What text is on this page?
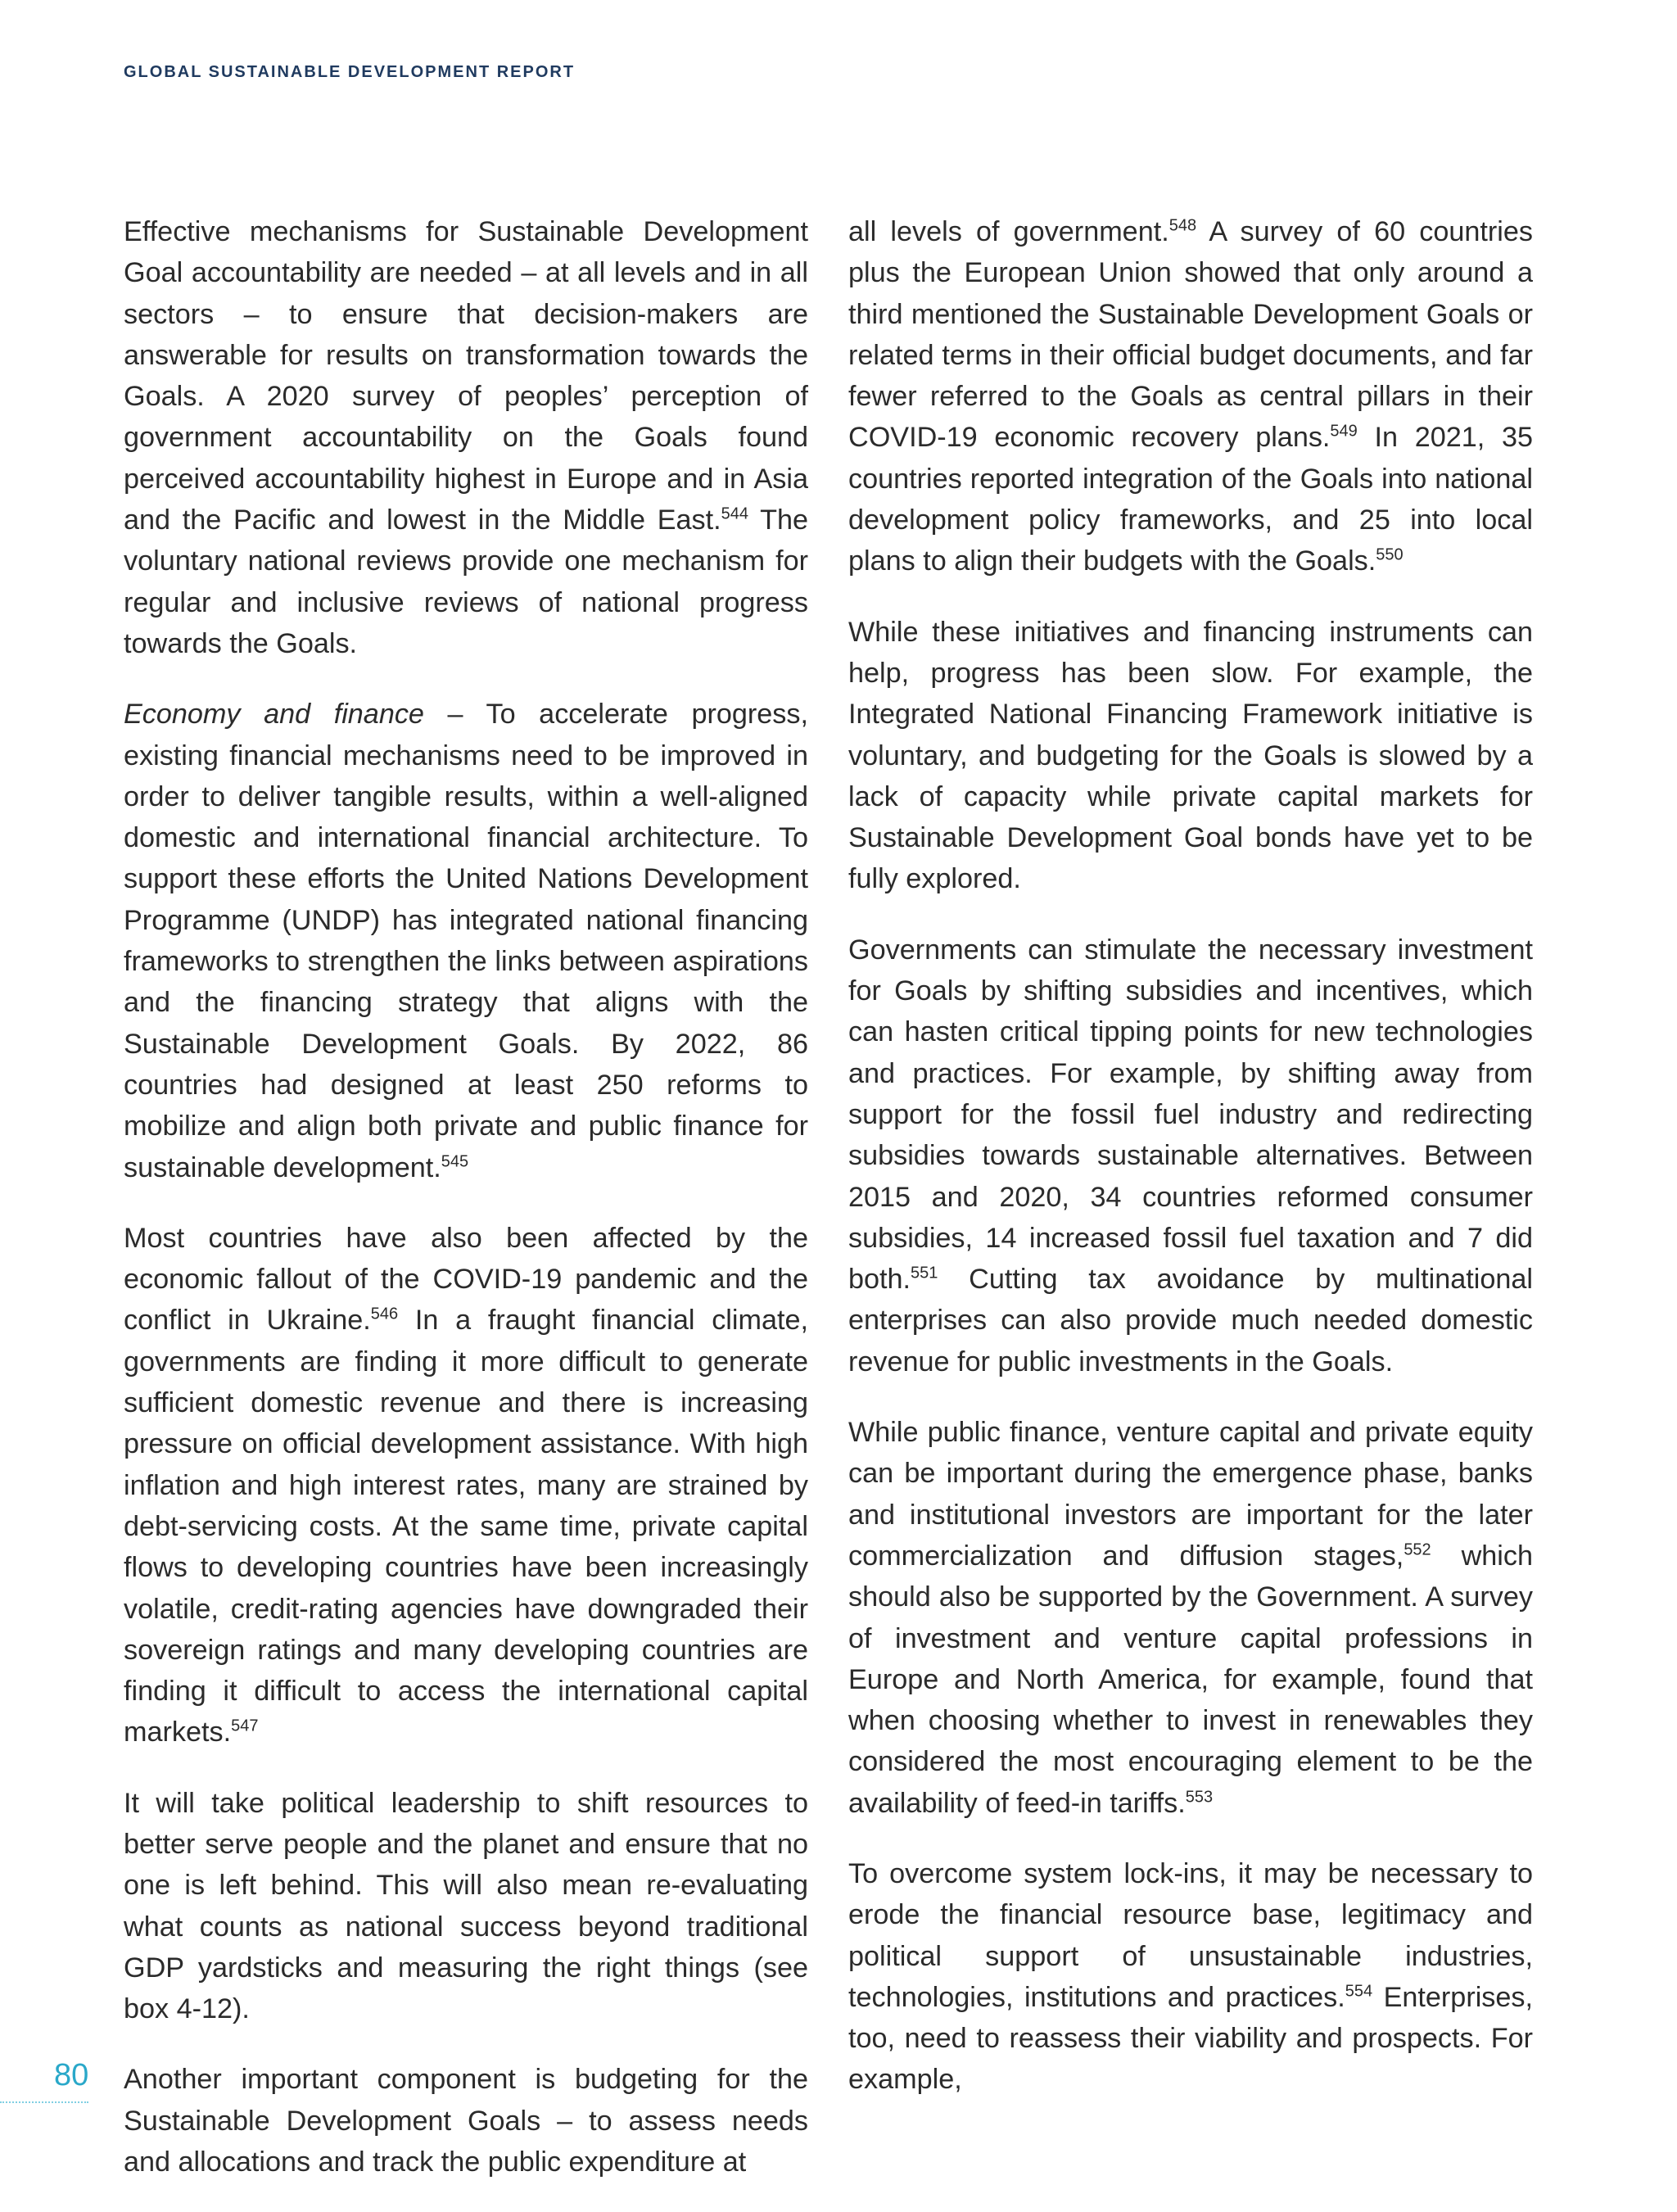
GLOBAL SUSTAINABLE DEVELOPMENT REPORT

Effective mechanisms for Sustainable Development Goal accountability are needed – at all levels and in all sectors – to ensure that decision-makers are answerable for results on transformation towards the Goals. A 2020 survey of peoples’ perception of government accountability on the Goals found perceived accountability highest in Europe and in Asia and the Pacific and lowest in the Middle East.$^{544}$ The voluntary national reviews provide one mechanism for regular and inclusive reviews of national progress towards the Goals.

Economy and finance – To accelerate progress, existing financial mechanisms need to be improved in order to deliver tangible results, within a well-aligned domestic and international financial architecture. To support these efforts the United Nations Development Programme (UNDP) has integrated national financing frameworks to strengthen the links between aspirations and the financing strategy that aligns with the Sustainable Development Goals. By 2022, 86 countries had designed at least 250 reforms to mobilize and align both private and public finance for sustainable development.$^{545}$

Most countries have also been affected by the economic fallout of the COVID-19 pandemic and the conflict in Ukraine.$^{546}$ In a fraught financial climate, governments are finding it more difficult to generate sufficient domestic revenue and there is increasing pressure on official development assistance. With high inflation and high interest rates, many are strained by debt-servicing costs. At the same time, private capital flows to developing countries have been increasingly volatile, credit-rating agencies have downgraded their sovereign ratings and many developing countries are finding it difficult to access the international capital markets.$^{547}$

It will take political leadership to shift resources to better serve people and the planet and ensure that no one is left behind. This will also mean re-evaluating what counts as national success beyond traditional GDP yardsticks and measuring the right things (see box 4-12).

Another important component is budgeting for the Sustainable Development Goals – to assess needs and allocations and track the public expenditure at

all levels of government.$^{548}$ A survey of 60 countries plus the European Union showed that only around a third mentioned the Sustainable Development Goals or related terms in their official budget documents, and far fewer referred to the Goals as central pillars in their COVID-19 economic recovery plans.$^{549}$ In 2021, 35 countries reported integration of the Goals into national development policy frameworks, and 25 into local plans to align their budgets with the Goals.$^{550}$

While these initiatives and financing instruments can help, progress has been slow. For example, the Integrated National Financing Framework initiative is voluntary, and budgeting for the Goals is slowed by a lack of capacity while private capital markets for Sustainable Development Goal bonds have yet to be fully explored.

Governments can stimulate the necessary investment for Goals by shifting subsidies and incentives, which can hasten critical tipping points for new technologies and practices. For example, by shifting away from support for the fossil fuel industry and redirecting subsidies towards sustainable alternatives. Between 2015 and 2020, 34 countries reformed consumer subsidies, 14 increased fossil fuel taxation and 7 did both.$^{551}$ Cutting tax avoidance by multinational enterprises can also provide much needed domestic revenue for public investments in the Goals.

While public finance, venture capital and private equity can be important during the emergence phase, banks and institutional investors are important for the later commercialization and diffusion stages,$^{552}$ which should also be supported by the Government. A survey of investment and venture capital professions in Europe and North America, for example, found that when choosing whether to invest in renewables they considered the most encouraging element to be the availability of feed-in tariffs.$^{553}$

To overcome system lock-ins, it may be necessary to erode the financial resource base, legitimacy and political support of unsustainable industries, technologies, institutions and practices.$^{554}$ Enterprises, too, need to reassess their viability and prospects. For example,

80
